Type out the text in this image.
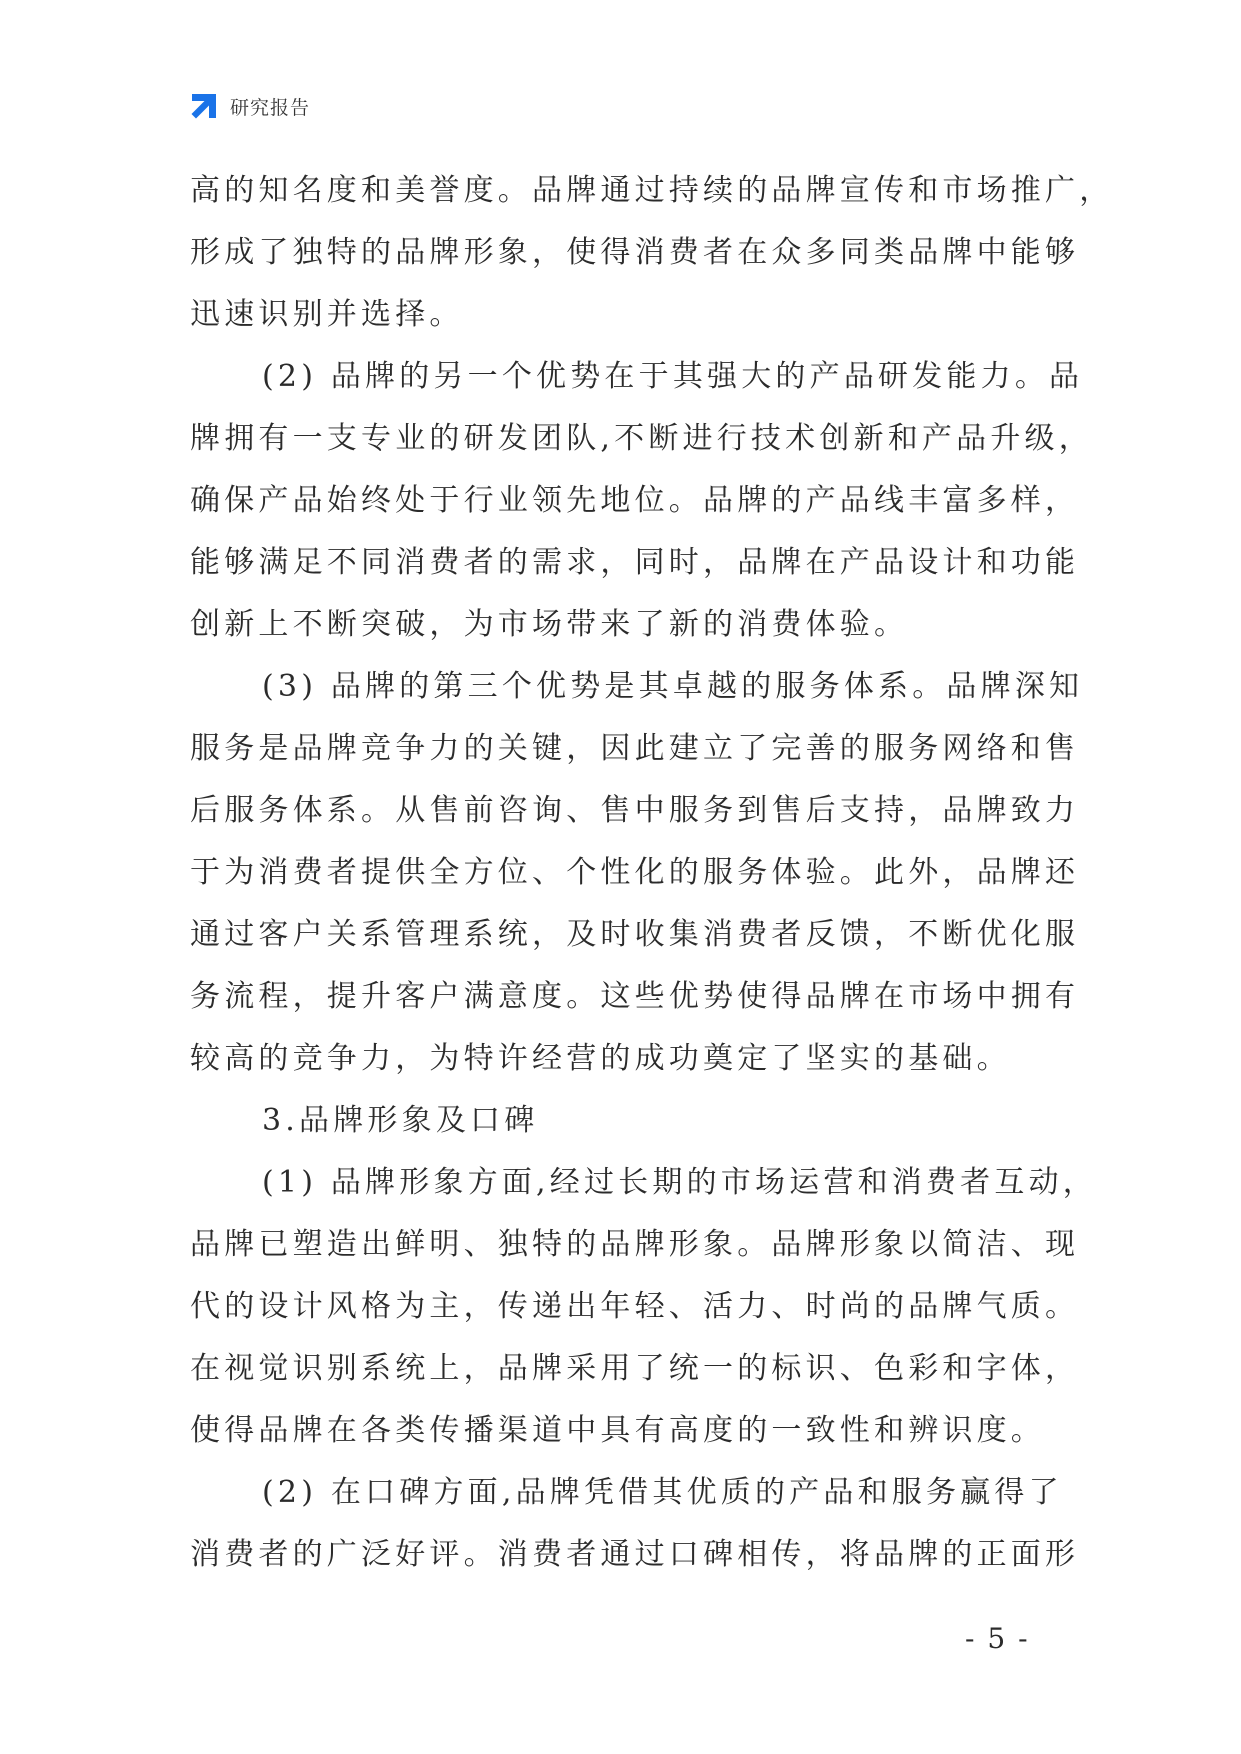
研究报告
高的知名度和美誉度。品牌通过持续的品牌宣传和市场推广，
形成了独特的品牌形象，使得消费者在众多同类品牌中能够
迅速识别并选择。
(2) 品牌的另一个优势在于其强大的产品研发能力。品
牌拥有一支专业的研发团队,不断进行技术创新和产品升级，
确保产品始终处于行业领先地位。品牌的产品线丰富多样，
能够满足不同消费者的需求，同时，品牌在产品设计和功能
创新上不断突破，为市场带来了新的消费体验。
(3) 品牌的第三个优势是其卓越的服务体系。品牌深知
服务是品牌竞争力的关键，因此建立了完善的服务网络和售
后服务体系。从售前咨询、售中服务到售后支持，品牌致力
于为消费者提供全方位、个性化的服务体验。此外，品牌还
通过客户关系管理系统，及时收集消费者反馈，不断优化服
务流程，提升客户满意度。这些优势使得品牌在市场中拥有
较高的竞争力，为特许经营的成功奠定了坚实的基础。
3.品牌形象及口碑
(1) 品牌形象方面,经过长期的市场运营和消费者互动，
品牌已塑造出鲜明、独特的品牌形象。品牌形象以简洁、现
代的设计风格为主，传递出年轻、活力、时尚的品牌气质。
在视觉识别系统上，品牌采用了统一的标识、色彩和字体，
使得品牌在各类传播渠道中具有高度的一致性和辨识度。
(2) 在口碑方面,品牌凭借其优质的产品和服务赢得了
消费者的广泛好评。消费者通过口碑相传，将品牌的正面形
- 5 -
